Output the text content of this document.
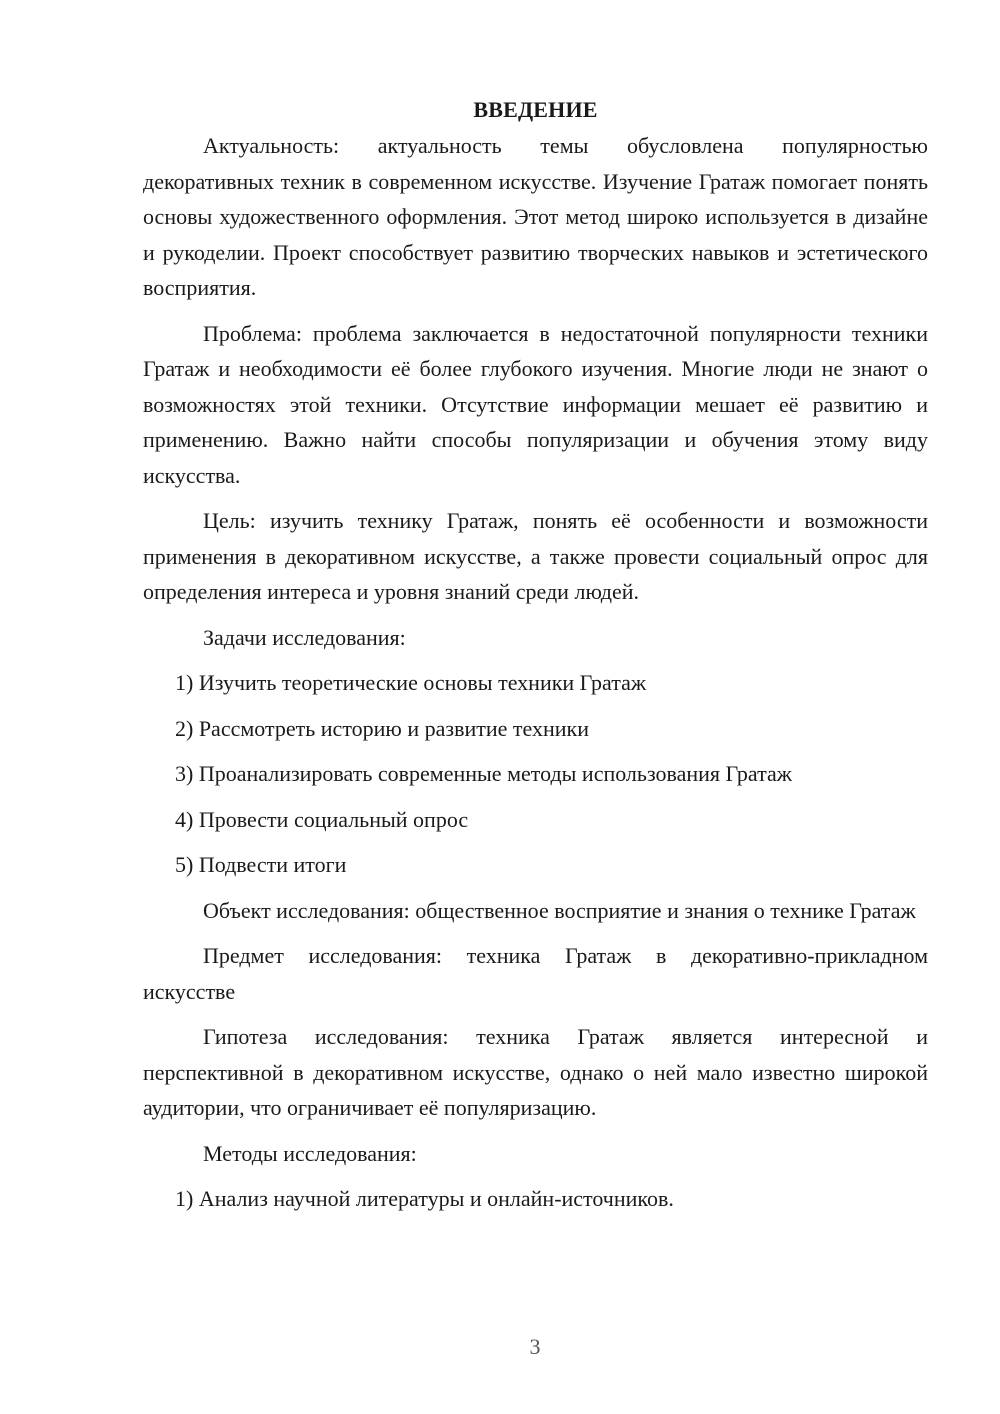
ВВЕДЕНИЕ

Актуальность: актуальность темы обусловлена популярностью декоративных техник в современном искусстве. Изучение Гратаж помогает понять основы художественного оформления. Этот метод широко используется в дизайне и рукоделии. Проект способствует развитию творческих навыков и эстетического восприятия.

Проблема: проблема заключается в недостаточной популярности техники Гратаж и необходимости её более глубокого изучения. Многие люди не знают о возможностях этой техники. Отсутствие информации мешает её развитию и применению. Важно найти способы популяризации и обучения этому виду искусства.

Цель: изучить технику Гратаж, понять её особенности и возможности применения в декоративном искусстве, а также провести социальный опрос для определения интереса и уровня знаний среди людей.

Задачи исследования:

1) Изучить теоретические основы техники Гратаж

2) Рассмотреть историю и развитие техники

3) Проанализировать современные методы использования Гратаж

4) Провести социальный опрос

5) Подвести итоги

Объект исследования: общественное восприятие и знания о технике Гратаж

Предмет исследования: техника Гратаж в декоративно-прикладном искусстве

Гипотеза исследования: техника Гратаж является интересной и перспективной в декоративном искусстве, однако о ней мало известно широкой аудитории, что ограничивает её популяризацию.

Методы исследования:

1) Анализ научной литературы и онлайн-источников.

3
